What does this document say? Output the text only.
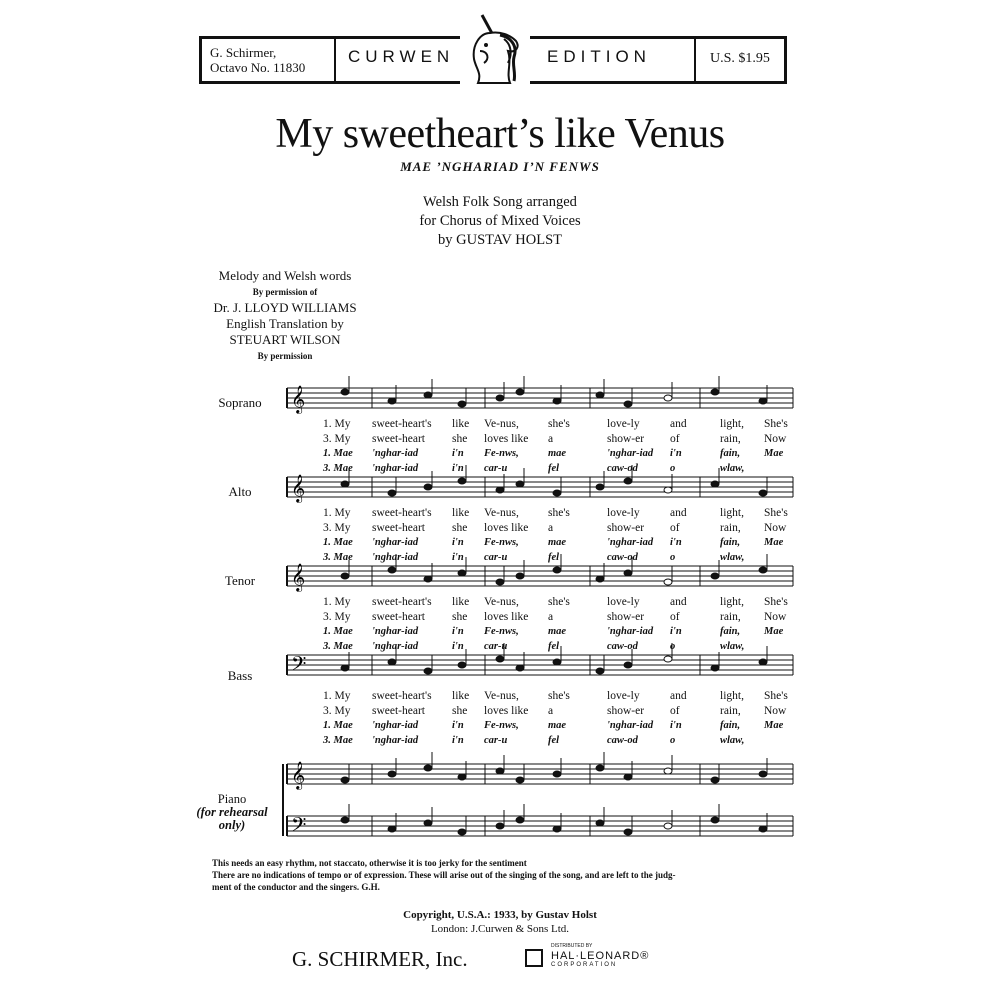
G. Schirmer,
Octavo No. 11830
CURWEN	EDITION	U.S. $1.95
My sweetheart’s like Venus
MAE ’NGHARIAD I’N FENWS
Welsh Folk Song arranged
for Chorus of Mixed Voices
by GUSTAV HOLST
Melody and Welsh words
By permission of
Dr. J. LLOYD WILLIAMS
English Translation by
STEUART WILSON
By permission
𝄞
𝄞
𝄞
𝄢
𝄞
𝄢
Soprano
Alto
Tenor
Bass
1. My sweet-heart's like Ve-nus,	she's	love-ly	and	light, She's
3. My sweet-heart she loves like a	show-er of	rain, Now
1. Mae 'nghar-iad	i'n Fe-nws,	mae	'nghar-iad i'n	fain, Mae
3. Mae 'nghar-iad	i'n car-u	fel	caw-od	o	wlaw,
1. My sweet-heart's like Ve-nus,	she's	love-ly	and	light, She's
3. My sweet-heart she loves like a	show-er of	rain, Now
1. Mae 'nghar-iad	i'n Fe-nws,	mae	'nghar-iad i'n	fain, Mae
3. Mae 'nghar-iad	i'n car-u	fel	caw-od	o	wlaw,
1. My sweet-heart's like Ve-nus,	she's	love-ly	and	light, She's
3. My sweet-heart she loves like a	show-er of	rain, Now
1. Mae 'nghar-iad	i'n Fe-nws,	mae	'nghar-iad i'n	fain, Mae
3. Mae 'nghar-iad	i'n car-u	fel	caw-od	o	wlaw,
1. My sweet-heart's like Ve-nus,	she's	love-ly	and	light, She's
3. My sweet-heart she loves like a	show-er of	rain, Now
1. Mae 'nghar-iad	i'n Fe-nws,	mae	'nghar-iad i'n	fain, Mae
3. Mae 'nghar-iad	i'n car-u	fel	caw-od	o	wlaw,
Piano
(for rehearsal
only)
This needs an easy rhythm, not staccato, otherwise it is too jerky for the sentiment
There are no indications of tempo or of expression. These will arise out of the singing of the song, and are left to the judg-
ment of the conductor and the singers. G.H.
Copyright, U.S.A.: 1933, by Gustav Holst
London: J.Curwen & Sons Ltd.
G. SCHIRMER, Inc.
DISTRIBUTED BY
HAL·LEONARD®
CORPORATION
